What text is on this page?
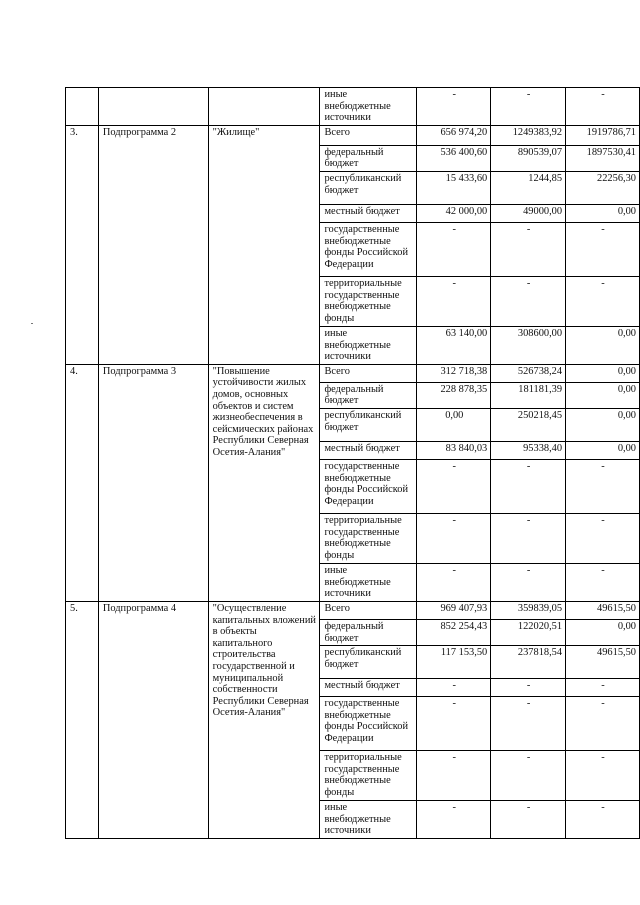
			иные внебюджетные источники	-	-	-
3.	Подпрограмма 2	"Жилище"	Всего	656 974,20	1249383,92	1919786,71
			федеральный бюджет	536 400,60	890539,07	1897530,41
			республиканский бюджет	15 433,60	1244,85	22256,30
			местный бюджет	42 000,00	49000,00	0,00
			государственные внебюджетные фонды Российской Федерации	-	-	-
			территориальные государственные внебюджетные фонды	-	-	-
			иные внебюджетные источники	63 140,00	308600,00	0,00
4.	Подпрограмма 3	"Повышение устойчивости жилых домов, основных объектов и систем жизнеобеспечения в сейсмических районах Республики Северная Осетия-Алания"	Всего	312 718,38	526738,24	0,00
			федеральный бюджет	228 878,35	181181,39	0,00
			республиканский бюджет	0,00	250218,45	0,00
			местный бюджет	83 840,03	95338,40	0,00
			государственные внебюджетные фонды Российской Федерации	-	-	-
			территориальные государственные внебюджетные фонды	-	-	-
			иные внебюджетные источники	-	-	-
5.	Подпрограмма 4	"Осуществление капитальных вложений в объекты капитального строительства государственной и муниципальной собственности Республики Северная Осетия-Алания"	Всего	969 407,93	359839,05	49615,50
			федеральный бюджет	852 254,43	122020,51	0,00
			республиканский бюджет	117 153,50	237818,54	49615,50
			местный бюджет	-	-	-
			государственные внебюджетные фонды Российской Федерации	-	-	-
			территориальные государственные внебюджетные фонды	-	-	-
			иные внебюджетные источники	-	-	-
